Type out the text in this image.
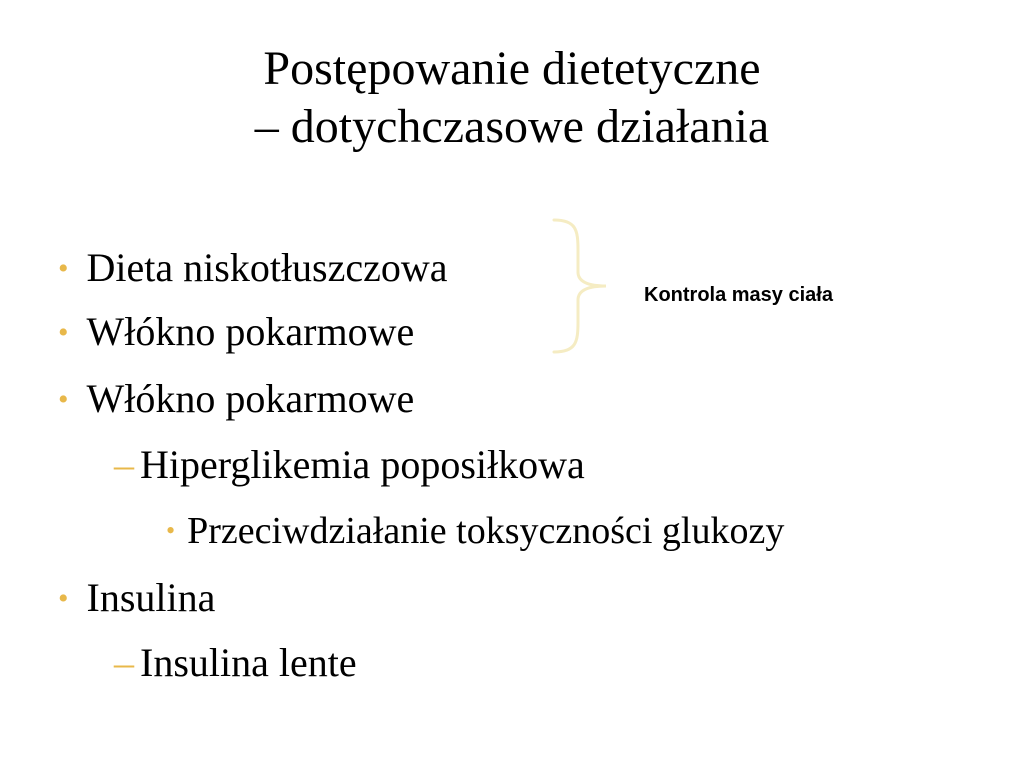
Postępowanie dietetyczne
– dotychczasowe działania
• Dieta niskotłuszczowa
• Włókno pokarmowe
• Włókno pokarmowe
– Hiperglikemia poposiłkowa
• Przeciwdziałanie toksyczności glukozy
• Insulina
– Insulina lente
Kontrola masy ciała
